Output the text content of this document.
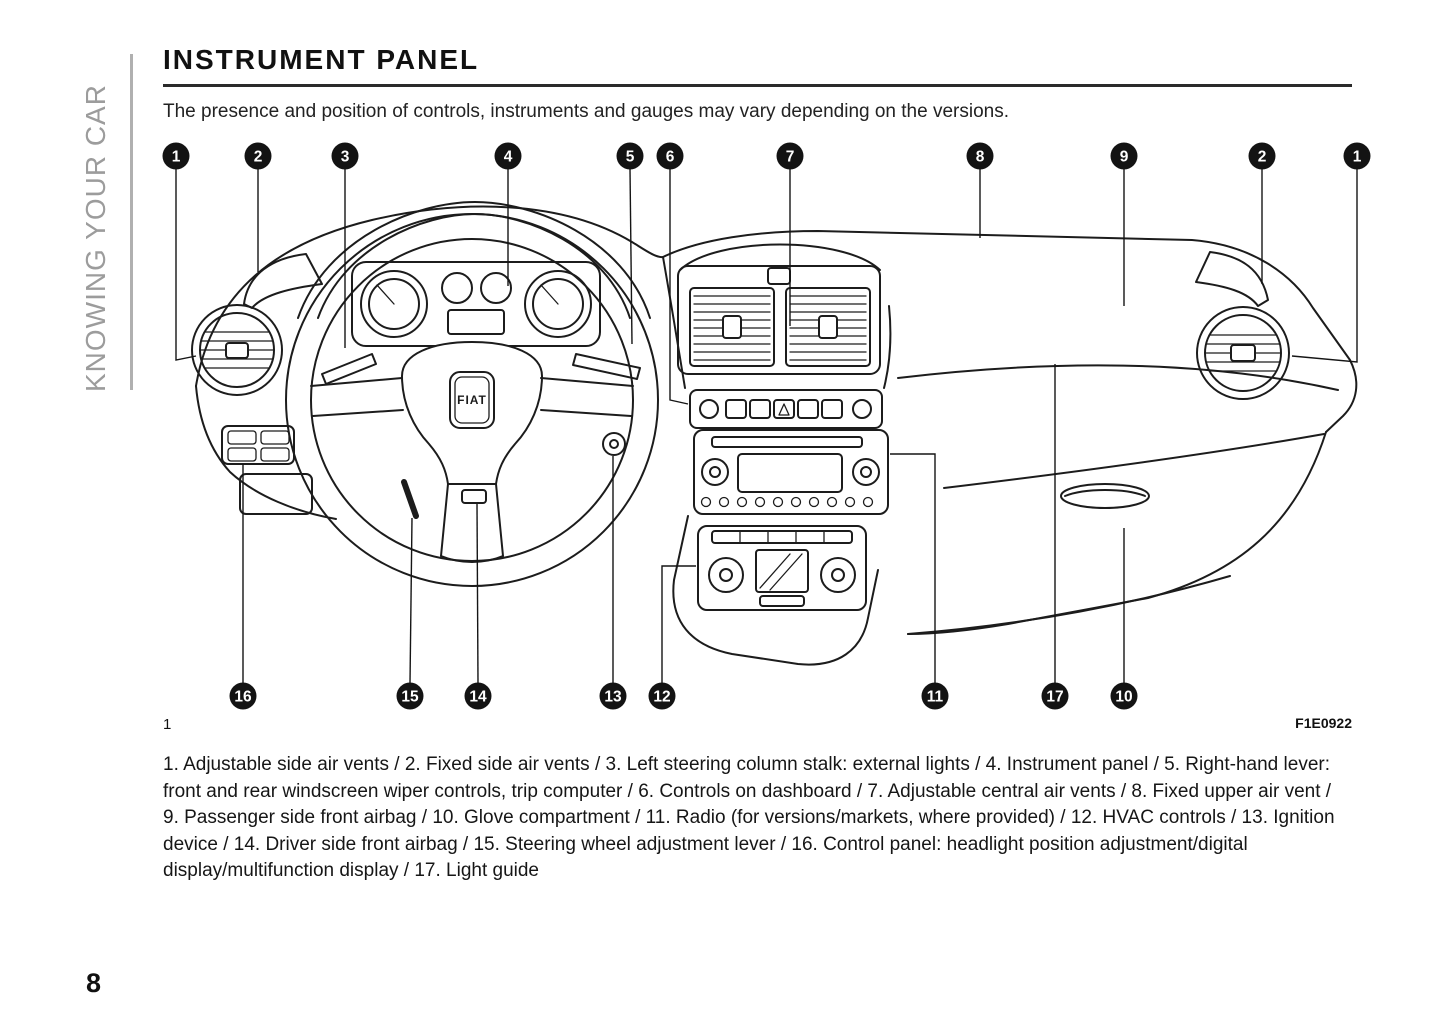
KNOWING YOUR CAR
INSTRUMENT PANEL

The presence and position of controls, instruments and gauges may vary depending on the versions.

FIAT
1	2	3	4	5 6	7	8	9	2	1
16	15	14	13 12	11	17	10
1	F1E0922

1. Adjustable side air vents / 2. Fixed side air vents / 3. Left steering column stalk: external lights / 4. Instrument panel / 5. Right-hand lever: front and rear windscreen wiper controls, trip computer / 6. Controls on dashboard / 7. Adjustable central air vents / 8. Fixed upper air vent / 9. Passenger side front airbag / 10. Glove compartment / 11. Radio (for versions/markets, where provided) / 12. HVAC controls / 13. Ignition device / 14. Driver side front airbag / 15. Steering wheel adjustment lever / 16. Control panel: headlight position adjustment/digital display/multifunction display / 17. Light guide

8
